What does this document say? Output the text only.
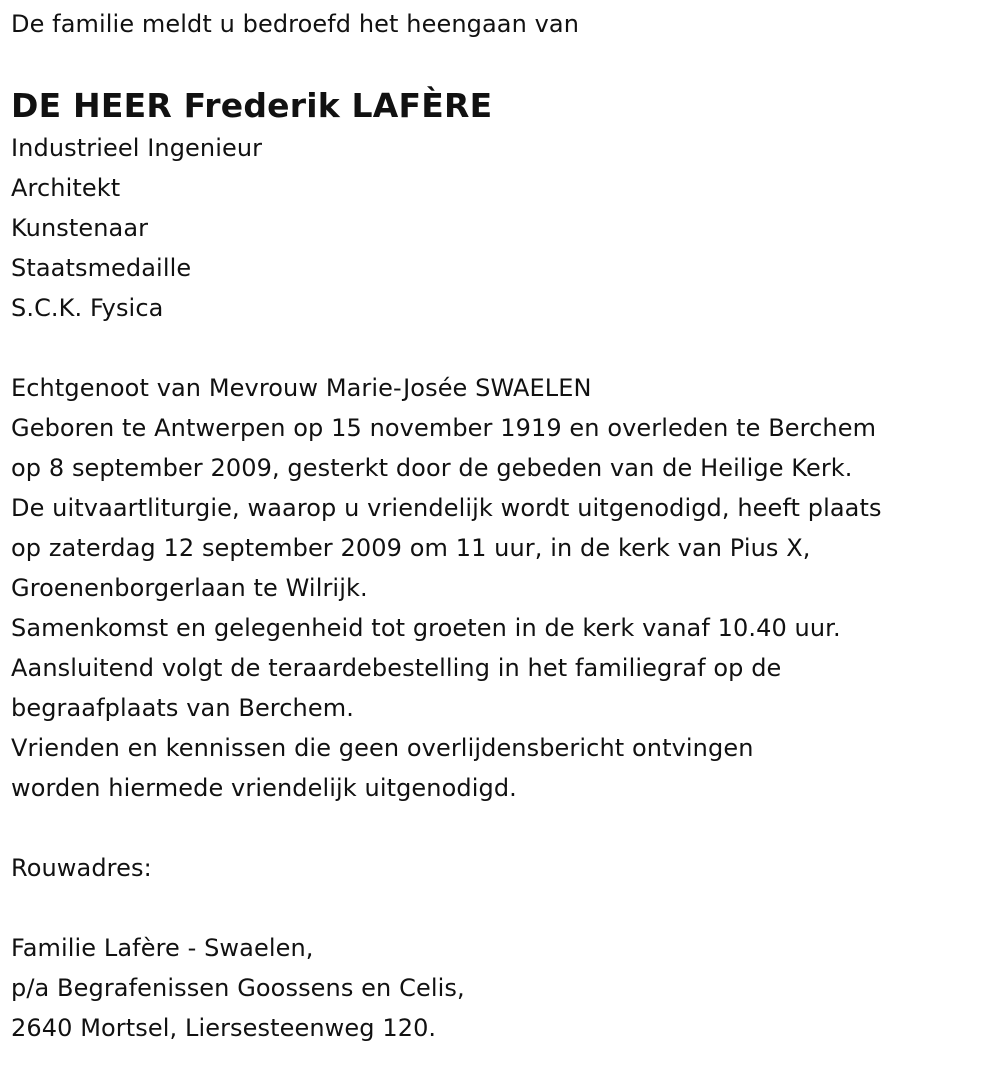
De familie meldt u bedroefd het heengaan van
DE HEER Frederik LAFÈRE
Industrieel Ingenieur
Architekt
Kunstenaar
Staatsmedaille
S.C.K. Fysica
Echtgenoot van Mevrouw Marie-Josée SWAELEN
Geboren te Antwerpen op 15 november 1919 en overleden te Berchem
op 8 september 2009, gesterkt door de gebeden van de Heilige Kerk.
De uitvaartliturgie, waarop u vriendelijk wordt uitgenodigd, heeft plaats
op zaterdag 12 september 2009 om 11 uur, in de kerk van Pius X,
Groenenborgerlaan te Wilrijk.
Samenkomst en gelegenheid tot groeten in de kerk vanaf 10.40 uur.
Aansluitend volgt de teraardebestelling in het familiegraf op de
begraafplaats van Berchem.
Vrienden en kennissen die geen overlijdensbericht ontvingen
worden hiermede vriendelijk uitgenodigd.
Rouwadres:
Familie Lafère - Swaelen,
p/a Begrafenissen Goossens en Celis,
2640 Mortsel, Liersesteenweg 120.
